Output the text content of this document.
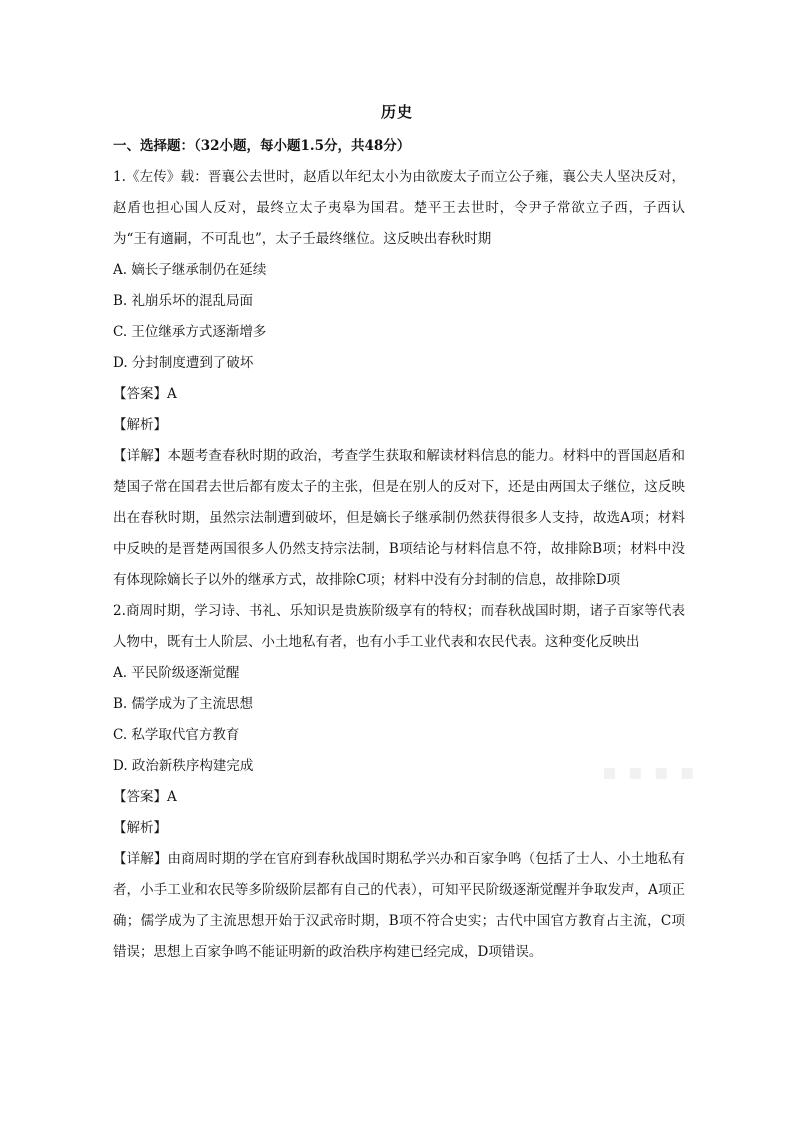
历史
一、选择题：（32小题，每小题1.5分，共48分）
1.《左传》载：晋襄公去世时，赵盾以年纪太小为由欲废太子而立公子雍，襄公夫人坚决反对，赵盾也担心国人反对，最终立太子夷皋为国君。楚平王去世时，令尹子常欲立子西，子西认为“王有適嗣，不可乱也”，太子壬最终继位。这反映出春秋时期
A. 嫡长子继承制仍在延续
B. 礼崩乐坏的混乱局面
C. 王位继承方式逐渐增多
D. 分封制度遭到了破坏
【答案】A
【解析】
【详解】本题考查春秋时期的政治，考查学生获取和解读材料信息的能力。材料中的晋国赵盾和楚国子常在国君去世后都有废太子的主张，但是在别人的反对下，还是由两国太子继位，这反映出在春秋时期，虽然宗法制遭到破坏，但是嫡长子继承制仍然获得很多人支持，故选A项；材料中反映的是晋楚两国很多人仍然支持宗法制，B项结论与材料信息不符，故排除B项；材料中没有体现除嫡长子以外的继承方式，故排除C项；材料中没有分封制的信息，故排除D项
2.商周时期，学习诗、书礼、乐知识是贵族阶级享有的特权；而春秋战国时期，诸子百家等代表人物中，既有士人阶层、小土地私有者，也有小手工业代表和农民代表。这种变化反映出
A. 平民阶级逐渐觉醒
B. 儒学成为了主流思想
C. 私学取代官方教育
D. 政治新秩序构建完成
【答案】A
【解析】
【详解】由商周时期的学在官府到春秋战国时期私学兴办和百家争鸣（包括了士人、小土地私有者，小手工业和农民等多阶级阶层都有自己的代表），可知平民阶级逐渐觉醒并争取发声，A项正确；儒学成为了主流思想开始于汉武帝时期，B项不符合史实；古代中国官方教育占主流，C项错误；思想上百家争鸣不能证明新的政治秩序构建已经完成，D项错误。
▪ ▪ ▪ ▪
